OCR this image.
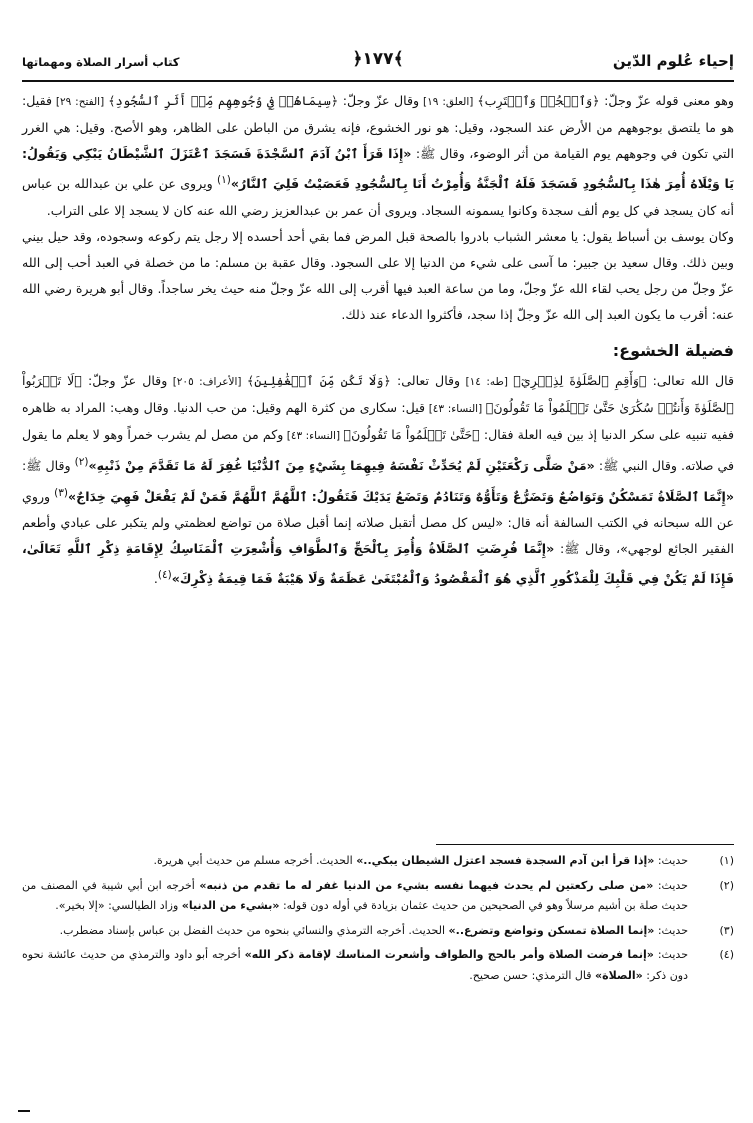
إحياء عُلوم الدّين
﴿١٧٧﴾
كتاب أسرار الصلاة ومهماتها

وهو معنى قوله عزّ وجلّ: ﴿وَٱسۡجُدۡ وَٱقۡتَرِب﴾ [العلق: ١٩] وقال عزّ وجلّ: ﴿سِيمَاهُمۡ فِي وُجُوهِهِم مِّنۡ أَثَرِ ٱلسُّجُودِ﴾ [الفتح: ٢٩] فقيل: هو ما يلتصق بوجوههم من الأرض عند السجود، وقيل: هو نور الخشوع، فإنه يشرق من الباطن على الظاهر، وهو الأصح. وقيل: هي الغرر التي تكون في وجوههم يوم القيامة من أثر الوضوء، وقال ﷺ: «إِذَا قَرَأَ ٱبْنُ آدَمَ ٱلسَّجْدَةَ فَسَجَدَ ٱعْتَزَلَ ٱلشَّيْطَانُ يَبْكِي وَيَقُولُ: يَا وَيْلَاهُ أُمِرَ هٰذَا بِٱلسُّجُودِ فَسَجَدَ فَلَهُ ٱلْجَنَّةُ وَأُمِرْتُ أَنَا بِٱلسُّجُودِ فَعَصَيْتُ فَلِيَ ٱلنَّارُ»$^{(١)}$ ويروى عن علي بن عبدالله بن عباس أنه كان يسجد في كل يوم ألف سجدة وكانوا يسمونه السجاد. ويروى أن عمر بن عبدالعزيز رضي الله عنه كان لا يسجد إلا على التراب.

وكان يوسف بن أسباط يقول: يا معشر الشباب بادروا بالصحة قبل المرض فما بقي أحد أحسده إلا رجل يتم ركوعه وسجوده، وقد حيل بيني وبين ذلك. وقال سعيد بن جبير: ما آسى على شيء من الدنيا إلا على السجود. وقال عقبة بن مسلم: ما من خصلة في العبد أحب إلى الله عزّ وجلّ من رجل يحب لقاء الله عزّ وجلّ، وما من ساعة العبد فيها أقرب إلى الله عزّ وجلّ منه حيث يخر ساجداً. وقال أبو هريرة رضي الله عنه: أقرب ما يكون العبد إلى الله عزّ وجلّ إذا سجد، فأكثروا الدعاء عند ذلك.

فضيلة الخشوع:

قال الله تعالى: ﴿وَأَقِمِ ٱلصَّلَوٰةَ لِذِكۡرِيٓ﴾ [طه: ١٤] وقال تعالى: ﴿وَلَا تَكُن مِّنَ ٱلۡغَٰفِلِينَ﴾ [الأعراف: ٢٠٥] وقال عزّ وجلّ: ﴿لَا تَقۡرَبُواْ ٱلصَّلَوٰةَ وَأَنتُمۡ سُكَٰرَىٰ حَتَّىٰ تَعۡلَمُواْ مَا تَقُولُونَ﴾ [النساء: ٤٣] قيل: سكارى من كثرة الهم وقيل: من حب الدنيا. وقال وهب: المراد به ظاهره ففيه تنبيه على سكر الدنيا إذ بين فيه العلة فقال: ﴿حَتَّىٰ تَعۡلَمُواْ مَا تَقُولُونَ﴾ [النساء: ٤٣] وكم من مصل لم يشرب خمراً وهو لا يعلم ما يقول في صلاته. وقال النبي ﷺ: «مَنْ صَلَّى رَكْعَتَيْنِ لَمْ يُحَدِّثْ نَفْسَهُ فِيهِمَا بِشَيْءٍ مِنَ ٱلدُّنْيَا غُفِرَ لَهُ مَا تَقَدَّمَ مِنْ ذَنْبِهِ»$^{(٢)}$ وقال ﷺ: «إِنَّمَا ٱلصَّلَاةُ تَمَسْكُنٌ وَتَوَاضُعٌ وَتَضَرُّعٌ وَتَأَوُّهٌ وَتَنَادُمٌ وَتَضَعُ يَدَيْكَ فَتَقُولُ: ٱللَّهُمَّ ٱللَّهُمَّ فَمَنْ لَمْ يَفْعَلْ فَهِيَ خِدَاجٌ»$^{(٣)}$ وروي عن الله سبحانه في الكتب السالفة أنه قال: «ليس كل مصل أتقبل صلاته إنما أقبل صلاة من تواضع لعظمتي ولم يتكبر على عبادي وأطعم الفقير الجائع لوجهي»، وقال ﷺ: «إِنَّمَا فُرِضَتِ ٱلصَّلَاةُ وَأُمِرَ بِٱلْحَجِّ وَٱلطَّوَافِ وَأُشْعِرَتِ ٱلْمَنَاسِكُ لِإِقَامَةِ ذِكْرِ ٱللَّهِ تَعَالَىٰ، فَإِذَا لَمْ يَكُنْ فِي قَلْبِكَ لِلْمَذْكُورِ ٱلَّذِي هُوَ ٱلْمَقْصُودُ وَٱلْمُبْتَغَىٰ عَظَمَةٌ وَلَا هَيْبَةٌ فَمَا قِيمَةُ ذِكْرِكَ»$^{(٤)}$.

(١)
حديث: «إذا قرأ ابن آدم السجدة فسجد اعتزل الشيطان يبكي..» الحديث. أخرجه مسلم من حديث أبي هريرة.
(٢)
حديث: «من صلى ركعتين لم يحدث فيهما نفسه بشيء من الدنيا غفر له ما تقدم من ذنبه» أخرجه ابن أبي شيبة في المصنف من حديث صلة بن أشيم مرسلاً وهو في الصحيحين من حديث عثمان بزيادة في أوله دون قوله: «بشيء من الدنيا» وزاد الطيالسي: «إلا بخير».
(٣)
حديث: «إنما الصلاة تمسكن وتواضع وتضرع..» الحديث. أخرجه الترمذي والنسائي بنحوه من حديث الفضل بن عباس بإسناد مضطرب.
(٤)
حديث: «إنما فرضت الصلاة وأمر بالحج والطواف وأشعرت المناسك لإقامة ذكر الله» أخرجه أبو داود والترمذي من حديث عائشة نحوه دون ذكر: «الصلاة» قال الترمذي: حسن صحيح.
